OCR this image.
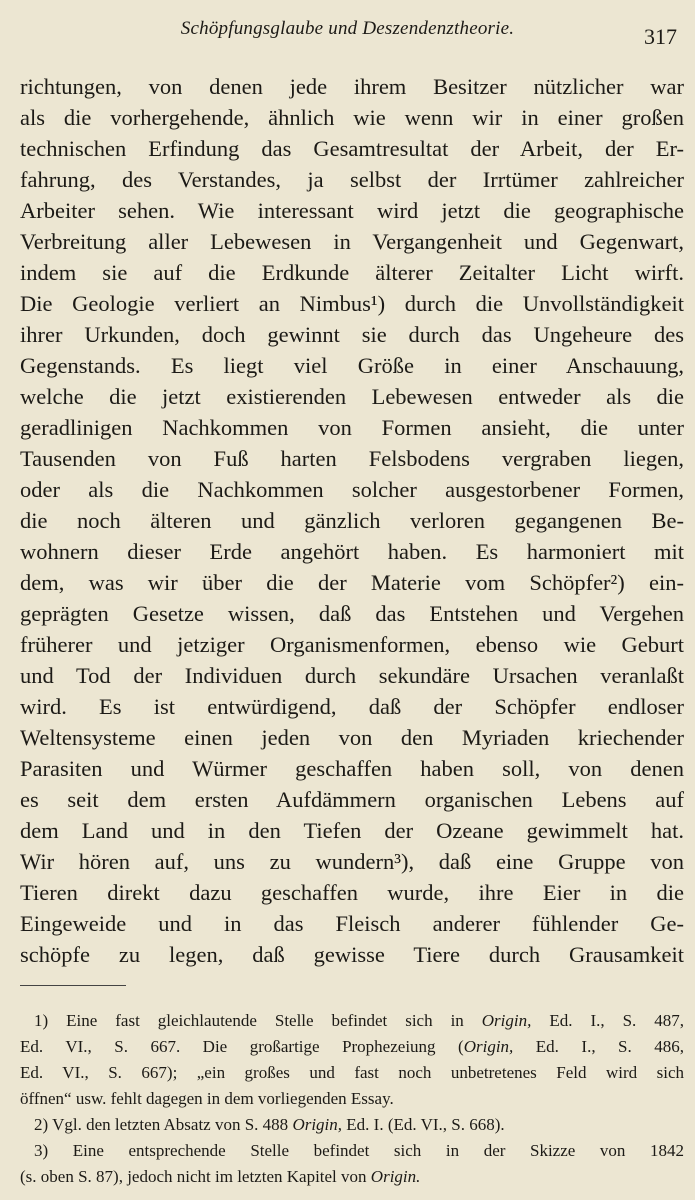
Schöpfungsglaube und Deszendenztheorie.	317
richtungen, von denen jede ihrem Besitzer nützlicher war
als die vorhergehende, ähnlich wie wenn wir in einer großen
technischen Erfindung das Gesamtresultat der Arbeit, der Er-
fahrung, des Verstandes, ja selbst der Irrtümer zahlreicher
Arbeiter sehen. Wie interessant wird jetzt die geographische
Verbreitung aller Lebewesen in Vergangenheit und Gegenwart,
indem sie auf die Erdkunde älterer Zeitalter Licht wirft.
Die Geologie verliert an Nimbus¹) durch die Unvollständigkeit
ihrer Urkunden, doch gewinnt sie durch das Ungeheure des
Gegenstands. Es liegt viel Größe in einer Anschauung,
welche die jetzt existierenden Lebewesen entweder als die
geradlinigen Nachkommen von Formen ansieht, die unter
Tausenden von Fuß harten Felsbodens vergraben liegen,
oder als die Nachkommen solcher ausgestorbener Formen,
die noch älteren und gänzlich verloren gegangenen Be-
wohnern dieser Erde angehört haben. Es harmoniert mit
dem, was wir über die der Materie vom Schöpfer²) ein-
geprägten Gesetze wissen, daß das Entstehen und Vergehen
früherer und jetziger Organismenformen, ebenso wie Geburt
und Tod der Individuen durch sekundäre Ursachen veranlaßt
wird. Es ist entwürdigend, daß der Schöpfer endloser
Weltensysteme einen jeden von den Myriaden kriechender
Parasiten und Würmer geschaffen haben soll, von denen
es seit dem ersten Aufdämmern organischen Lebens auf
dem Land und in den Tiefen der Ozeane gewimmelt hat.
Wir hören auf, uns zu wundern³), daß eine Gruppe von
Tieren direkt dazu geschaffen wurde, ihre Eier in die
Eingeweide und in das Fleisch anderer fühlender Ge-
schöpfe zu legen, daß gewisse Tiere durch Grausamkeit
1) Eine fast gleichlautende Stelle befindet sich in Origin, Ed. I., S. 487,
Ed. VI., S. 667. Die großartige Prophezeiung (Origin, Ed. I., S. 486,
Ed. VI., S. 667); „ein großes und fast noch unbetretenes Feld wird sich
öffnen“ usw. fehlt dagegen in dem vorliegenden Essay.
2) Vgl. den letzten Absatz von S. 488 Origin, Ed. I. (Ed. VI., S. 668).
3) Eine entsprechende Stelle befindet sich in der Skizze von 1842
(s. oben S. 87), jedoch nicht im letzten Kapitel von Origin.
